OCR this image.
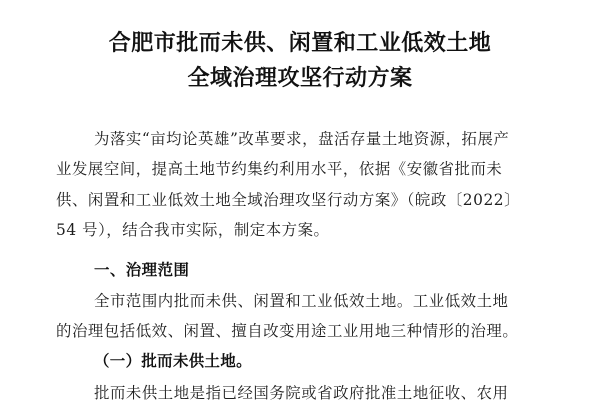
合肥市批而未供、闲置和工业低效土地
全域治理攻坚行动方案
为落实“亩均论英雄”改革要求，盘活存量土地资源，拓展产
业发展空间，提高土地节约集约利用水平，依据《安徽省批而未
供、闲置和工业低效土地全域治理攻坚行动方案》（皖政〔2022〕
54 号），结合我市实际，制定本方案。
一、治理范围
全市范围内批而未供、闲置和工业低效土地。工业低效土地
的治理包括低效、闲置、擅自改变用途工业用地三种情形的治理。
（一）批而未供土地。
批而未供土地是指已经国务院或省政府批准土地征收、农用
